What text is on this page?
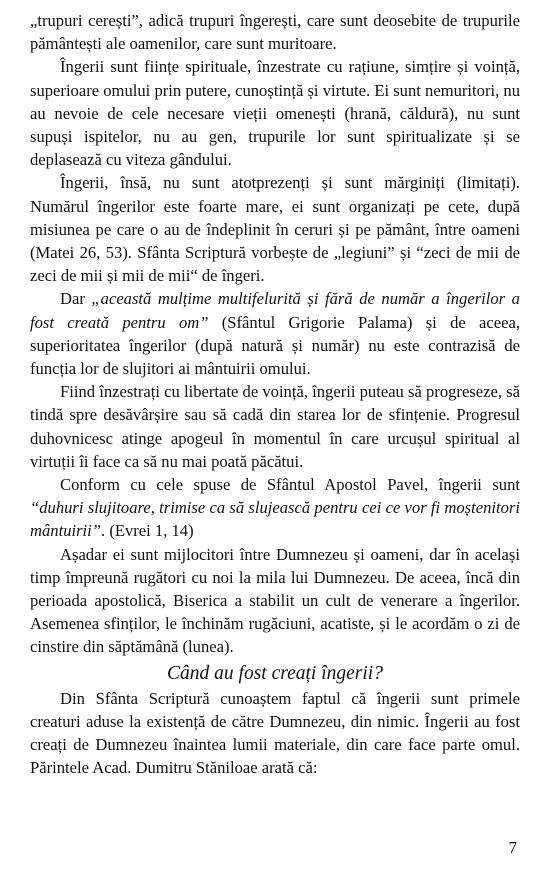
„trupuri cerești”, adică trupuri îngerești, care sunt deosebite de trupurile pământești ale oamenilor, care sunt muritoare.

Îngerii sunt ființe spirituale, înzestrate cu rațiune, simțire și voință, superioare omului prin putere, cunoștință și virtute. Ei sunt nemuritori, nu au nevoie de cele necesare vieții omenești (hrană, căldură), nu sunt supuși ispitelor, nu au gen, trupurile lor sunt spiritualizate și se deplasează cu viteza gândului.

Îngerii, însă, nu sunt atotprezenți și sunt mărginiți (limitați). Numărul îngerilor este foarte mare, ei sunt organizați pe cete, după misiunea pe care o au de îndeplinit în ceruri și pe pământ, între oameni (Matei 26, 53). Sfânta Scriptură vorbește de „legiuni” și “zeci de mii de zeci de mii și mii de mii“ de îngeri.

Dar „această mulțime multifelurită și fără de număr a îngerilor a fost creată pentru om” (Sfântul Grigorie Palama) și de aceea, superioritatea îngerilor (după natură și număr) nu este contrazisă de funcția lor de slujitori ai mântuirii omului.

Fiind înzestrați cu libertate de voință, îngerii puteau să progreseze, să tindă spre desăvârșire sau să cadă din starea lor de sfințenie. Progresul duhovnicesc atinge apogeul în momentul în care urcușul spiritual al virtuții îi face ca să nu mai poată păcătui.

Conform cu cele spuse de Sfântul Apostol Pavel, îngerii sunt “duhuri slujitoare, trimise ca să slujească pentru cei ce vor fi moștenitori mântuirii”. (Evrei 1, 14)

Așadar ei sunt mijlocitori între Dumnezeu și oameni, dar în același timp împreună rugători cu noi la mila lui Dumnezeu. De aceea, încă din perioada apostolică, Biserica a stabilit un cult de venerare a îngerilor. Asemenea sfinților, le închinăm rugăciuni, acatiste, și le acordăm o zi de cinstire din săptămână (lunea).

Când au fost creați îngerii?

Din Sfânta Scriptură cunoaștem faptul că îngerii sunt primele creaturi aduse la existență de către Dumnezeu, din nimic. Îngerii au fost creați de Dumnezeu înaintea lumii materiale, din care face parte omul. Părintele Acad. Dumitru Stăniloae arată că:

7
